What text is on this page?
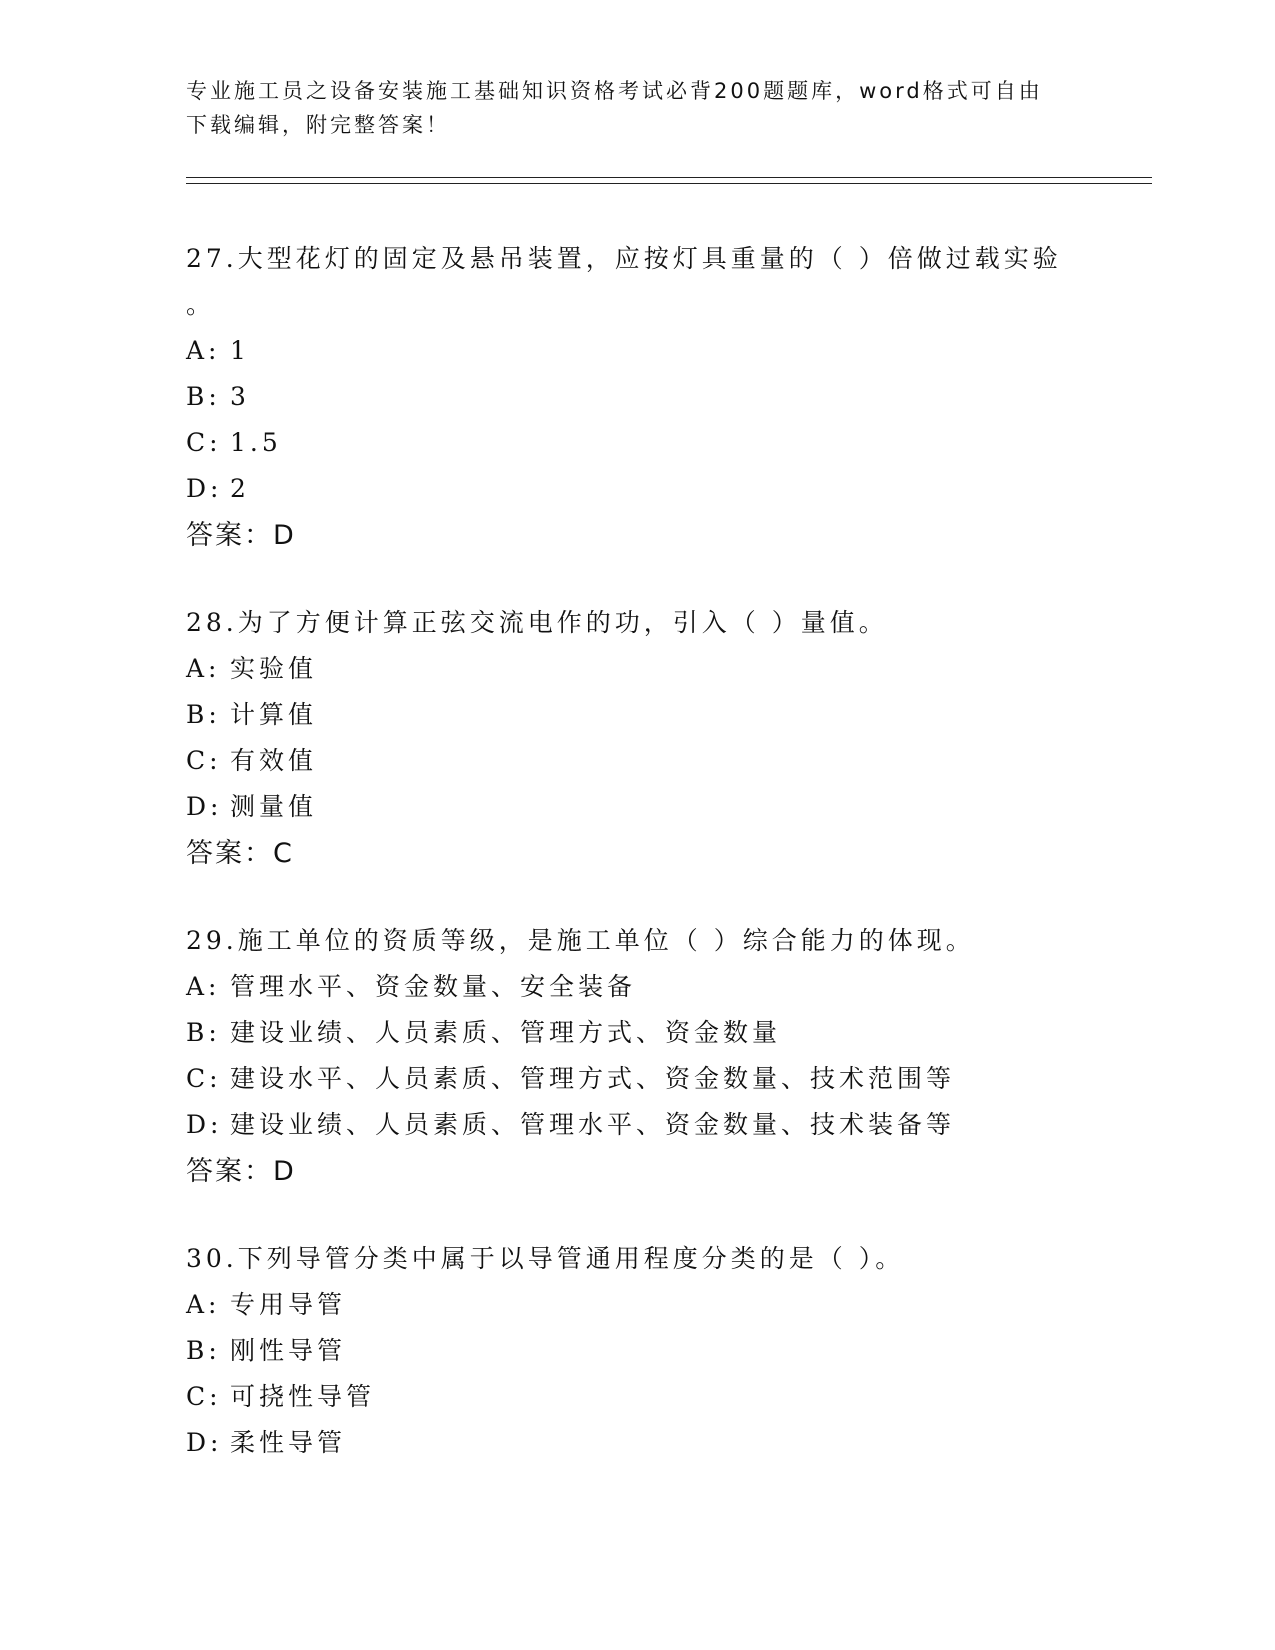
专业施工员之设备安装施工基础知识资格考试必背200题题库，word格式可自由
下载编辑，附完整答案！
27.大型花灯的固定及悬吊装置，应按灯具重量的（ ）倍做过载实验
。
A: 1
B: 3
C: 1.5
D: 2
答案：D
28.为了方便计算正弦交流电作的功，引入（ ）量值。
A: 实验值
B: 计算值
C: 有效值
D: 测量值
答案：C
29.施工单位的资质等级，是施工单位（ ）综合能力的体现。
A: 管理水平、资金数量、安全装备
B: 建设业绩、人员素质、管理方式、资金数量
C: 建设水平、人员素质、管理方式、资金数量、技术范围等
D: 建设业绩、人员素质、管理水平、资金数量、技术装备等
答案：D
30.下列导管分类中属于以导管通用程度分类的是（ ）。
A: 专用导管
B: 刚性导管
C: 可挠性导管
D: 柔性导管
